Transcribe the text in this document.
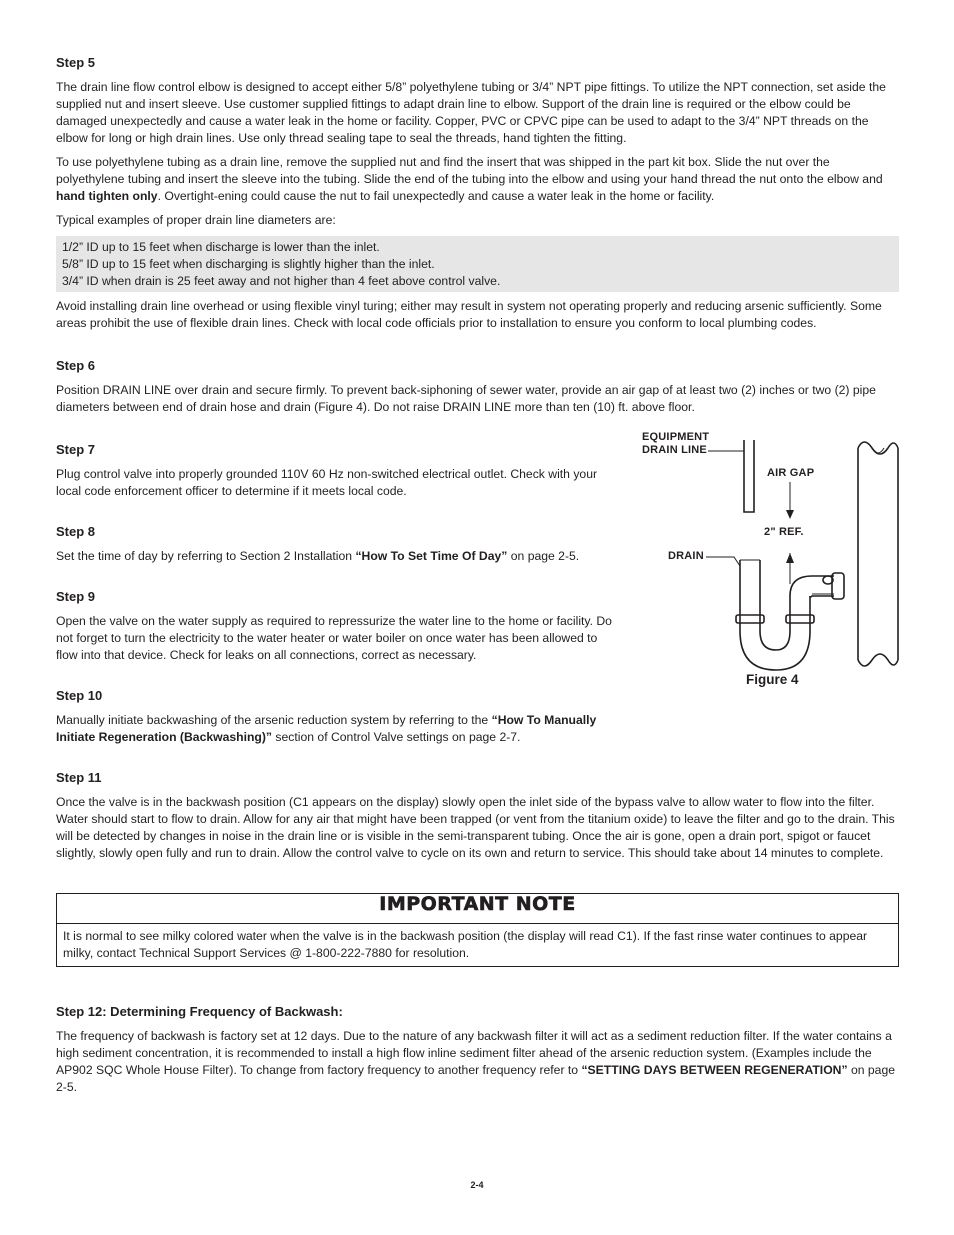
Step 5

The drain line flow control elbow is designed to accept either 5/8” polyethylene tubing or 3/4” NPT pipe fittings. To utilize the NPT connection, set aside the supplied nut and insert sleeve. Use customer supplied fittings to adapt drain line to elbow. Support of the drain line is required or the elbow could be damaged unexpectedly and cause a water leak in the home or facility. Copper, PVC or CPVC pipe can be used to adapt to the 3/4” NPT threads on the elbow for long or high drain lines. Use only thread sealing tape to seal the threads, hand tighten the fitting.

To use polyethylene tubing as a drain line, remove the supplied nut and find the insert that was shipped in the part kit box. Slide the nut over the polyethylene tubing and insert the sleeve into the tubing. Slide the end of the tubing into the elbow and using your hand thread the nut onto the elbow and hand tighten only. Overtight-ening could cause the nut to fail unexpectedly and cause a water leak in the home or facility.

Typical examples of proper drain line diameters are:

1/2” ID up to 15 feet when discharge is lower than the inlet.
5/8” ID up to 15 feet when discharging is slightly higher than the inlet.
3/4” ID when drain is 25 feet away and not higher than 4 feet above control valve.

Avoid installing drain line overhead or using flexible vinyl turing; either may result in system not operating properly and reducing arsenic sufficiently. Some areas prohibit the use of flexible drain lines. Check with local code officials prior to installation to ensure you conform to local plumbing codes.

Step 6

Position DRAIN LINE over drain and secure firmly. To prevent back-siphoning of sewer water, provide an air gap of at least two (2) inches or two (2) pipe diameters between end of drain hose and drain (Figure 4). Do not raise DRAIN LINE more than ten (10) ft. above floor.

Step 7

Plug control valve into properly grounded 110V 60 Hz non-switched electrical outlet. Check with your local code enforcement officer to determine if it meets local code.

Step 8

Set the time of day by referring to Section 2 Installation “How To Set Time Of Day” on page 2-5.

Step 9

Open the valve on the water supply as required to repressurize the water line to the home or facility. Do not forget to turn the electricity to the water heater or water boiler on once water has been allowed to flow into that device. Check for leaks on all connections, correct as necessary.

Step 10

Manually initiate backwashing of the arsenic reduction system by referring to the “How To Manually Initiate Regeneration (Backwashing)” section of Control Valve settings on page 2-7.

Step 11

Once the valve is in the backwash position (C1 appears on the display) slowly open the inlet side of the bypass valve to allow water to flow into the filter. Water should start to flow to drain. Allow for any air that might have been trapped (or vent from the titanium oxide) to leave the filter and go to the drain. This will be detected by changes in noise in the drain line or is visible in the semi-transparent tubing. Once the air is gone, open a drain port, spigot or faucet slightly, slowly open fully and run to drain. Allow the control valve to cycle on its own and return to service. This should take about 14 minutes to complete.

IMPORTANT NOTE
It is normal to see milky colored water when the valve is in the backwash position (the display will read C1). If the fast rinse water continues to appear milky, contact Technical Support Services @ 1-800-222-7880 for resolution.
Step 12: Determining Frequency of Backwash:

The frequency of backwash is factory set at 12 days. Due to the nature of any backwash filter it will act as a sediment reduction filter. If the water contains a high sediment concentration, it is recommended to install a high flow inline sediment filter ahead of the arsenic reduction system. (Examples include the AP902 SQC Whole House Filter). To change from factory frequency to another frequency refer to “SETTING DAYS BETWEEN REGENERATION” on page 2-5.

EQUIPMENT
DRAIN LINE
AIR GAP
2" REF.
DRAIN
Figure 4
2-4
